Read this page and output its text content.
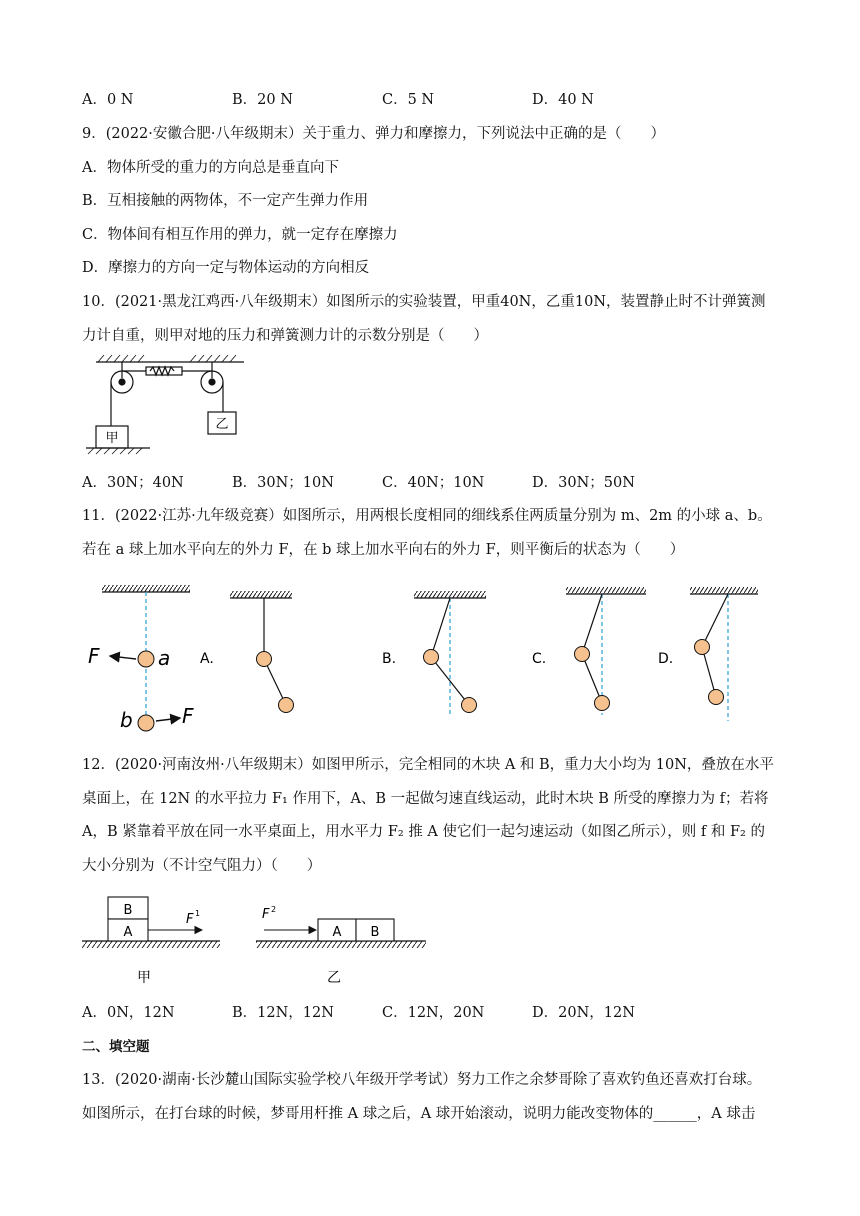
A．0 N	B．20 N	C．5 N	D．40 N
9．(2022·安徽合肥·八年级期末）关于重力、弹力和摩擦力，下列说法中正确的是（　　）
A．物体所受的重力的方向总是垂直向下
B．互相接触的两物体，不一定产生弹力作用
C．物体间有相互作用的弹力，就一定存在摩擦力
D．摩擦力的方向一定与物体运动的方向相反
10．(2021·黑龙江鸡西·八年级期末）如图所示的实验装置，甲重40N，乙重10N，装置静止时不计弹簧测
力计自重，则甲对地的压力和弹簧测力计的示数分别是（　　）
甲
乙
A．30N；40N	B．30N；10N	C．40N；10N	D．30N；50N
11．(2022·江苏·九年级竞赛）如图所示，用两根长度相同的细线系住两质量分别为 m、2m 的小球 a、b。
若在 a 球上加水平向左的外力 F，在 b 球上加水平向右的外力 F，则平衡后的状态为（　　）
F	a
b F
A.	B.	C.	D.
12．(2020·河南汝州·八年级期末）如图甲所示，完全相同的木块 A 和 B，重力大小均为 10N，叠放在水平
桌面上，在 12N 的水平拉力 F₁ 作用下，A、B 一起做匀速直线运动，此时木块 B 所受的摩擦力为 f；若将
A，B 紧靠着平放在同一水平桌面上，用水平力 F₂ 推 A 使它们一起匀速运动（如图乙所示），则 f 和 F₂ 的
大小分别为（不计空气阻力）（　　）
B
A
F 1	F 2
A B
甲	乙
A．0N，12N	B．12N，12N	C．12N，20N	D．20N，12N
二、填空题
13．(2020·湖南·长沙麓山国际实验学校八年级开学考试）努力工作之余梦哥除了喜欢钓鱼还喜欢打台球。
如图所示，在打台球的时候，梦哥用杆推 A 球之后，A 球开始滚动，说明力能改变物体的______，A 球击
